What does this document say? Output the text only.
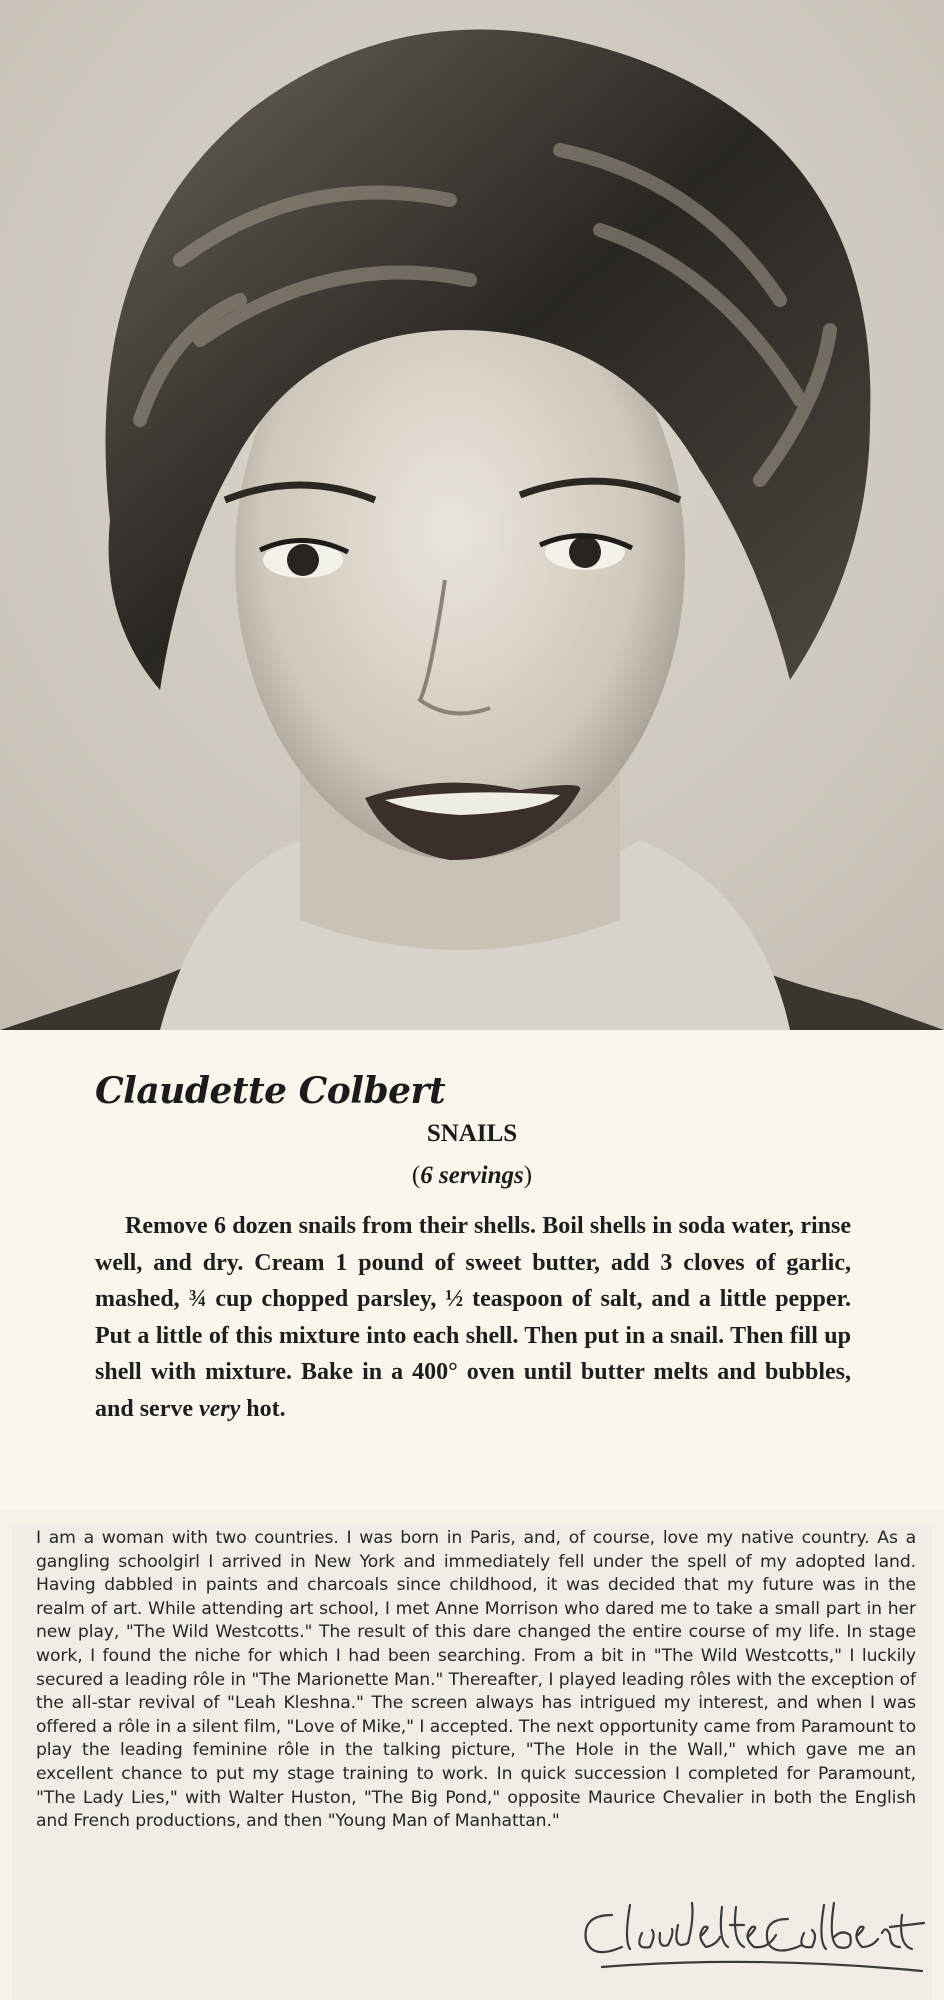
Claudette Colbert
SNAILS
(6 servings)
Remove 6 dozen snails from their shells. Boil shells in soda water, rinse well, and dry. Cream 1 pound of sweet butter, add 3 cloves of garlic, mashed, ¾ cup chopped parsley, ½ teaspoon of salt, and a little pepper. Put a little of this mixture into each shell. Then put in a snail. Then fill up shell with mixture. Bake in a 400° oven until butter melts and bubbles, and serve very hot.
I am a woman with two countries. I was born in Paris, and, of course, love my native country. As a gangling schoolgirl I arrived in New York and immediately fell under the spell of my adopted land. Having dabbled in paints and charcoals since childhood, it was decided that my future was in the realm of art. While attending art school, I met Anne Morrison who dared me to take a small part in her new play, "The Wild Westcotts." The result of this dare changed the entire course of my life. In stage work, I found the niche for which I had been searching. From a bit in "The Wild Westcotts," I luckily secured a leading rôle in "The Marionette Man." Thereafter, I played leading rôles with the exception of the all-star revival of "Leah Kleshna." The screen always has intrigued my interest, and when I was offered a rôle in a silent film, "Love of Mike," I accepted. The next opportunity came from Paramount to play the leading feminine rôle in the talking picture, "The Hole in the Wall," which gave me an excellent chance to put my stage training to work. In quick succession I completed for Paramount, "The Lady Lies," with Walter Huston, "The Big Pond," opposite Maurice Chevalier in both the English and French productions, and then "Young Man of Manhattan."
